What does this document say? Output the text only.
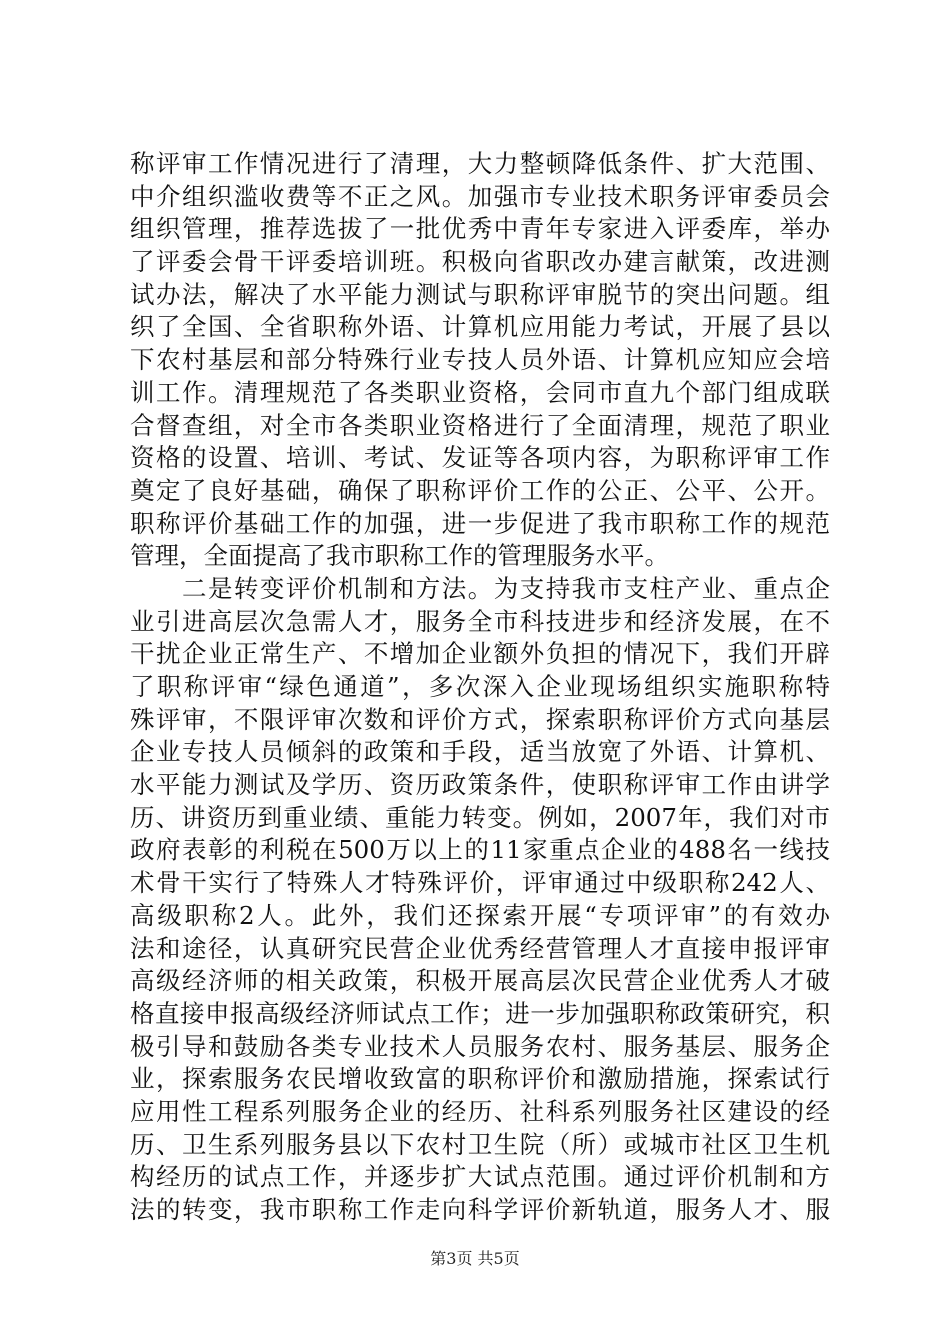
称评审工作情况进行了清理，大力整顿降低条件、扩大范围、
中介组织滥收费等不正之风。加强市专业技术职务评审委员会
组织管理，推荐选拔了一批优秀中青年专家进入评委库，举办
了评委会骨干评委培训班。积极向省职改办建言献策，改进测
试办法，解决了水平能力测试与职称评审脱节的突出问题。组
织了全国、全省职称外语、计算机应用能力考试，开展了县以
下农村基层和部分特殊行业专技人员外语、计算机应知应会培
训工作。清理规范了各类职业资格，会同市直九个部门组成联
合督查组，对全市各类职业资格进行了全面清理，规范了职业
资格的设置、培训、考试、发证等各项内容，为职称评审工作
奠定了良好基础，确保了职称评价工作的公正、公平、公开。
职称评价基础工作的加强，进一步促进了我市职称工作的规范
管理，全面提高了我市职称工作的管理服务水平。
　　二是转变评价机制和方法。为支持我市支柱产业、重点企
业引进高层次急需人才，服务全市科技进步和经济发展，在不
干扰企业正常生产、不增加企业额外负担的情况下，我们开辟
了职称评审“绿色通道”，多次深入企业现场组织实施职称特
殊评审，不限评审次数和评价方式，探索职称评价方式向基层
企业专技人员倾斜的政策和手段，适当放宽了外语、计算机、
水平能力测试及学历、资历政策条件，使职称评审工作由讲学
历、讲资历到重业绩、重能力转变。例如，2007年，我们对市
政府表彰的利税在500万以上的11家重点企业的488名一线技
术骨干实行了特殊人才特殊评价，评审通过中级职称242人、
高级职称2人。此外，我们还探索开展“专项评审”的有效办
法和途径，认真研究民营企业优秀经营管理人才直接申报评审
高级经济师的相关政策，积极开展高层次民营企业优秀人才破
格直接申报高级经济师试点工作；进一步加强职称政策研究，积
极引导和鼓励各类专业技术人员服务农村、服务基层、服务企
业，探索服务农民增收致富的职称评价和激励措施，探索试行
应用性工程系列服务企业的经历、社科系列服务社区建设的经
历、卫生系列服务县以下农村卫生院（所）或城市社区卫生机
构经历的试点工作，并逐步扩大试点范围。通过评价机制和方
法的转变，我市职称工作走向科学评价新轨道，服务人才、服
第3页 共5页
